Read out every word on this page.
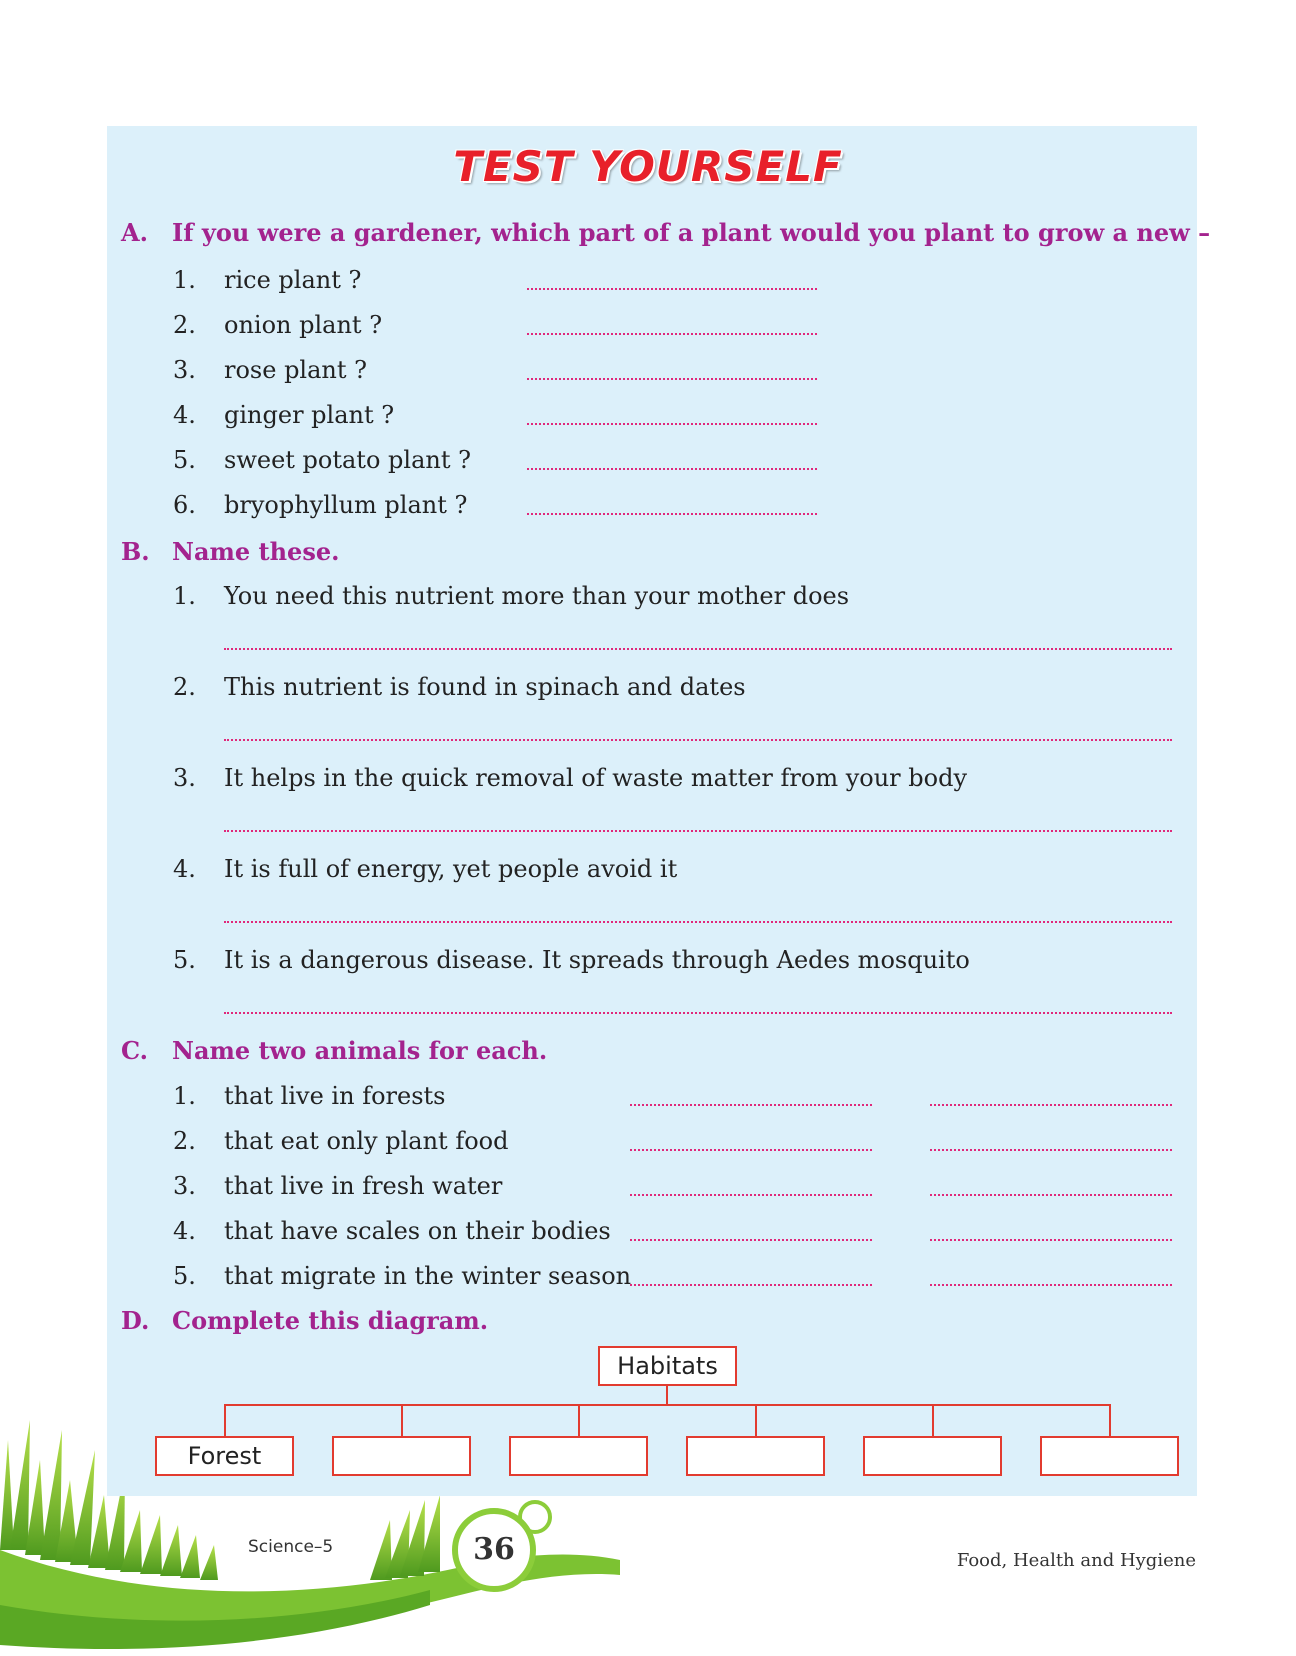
TEST YOURSELF
A. If you were a gardener, which part of a plant would you plant to grow a new –
1. rice plant ?
2. onion plant ?
3. rose plant ?
4. ginger plant ?
5. sweet potato plant ?
6. bryophyllum plant ?
B. Name these.
1. You need this nutrient more than your mother does
2. This nutrient is found in spinach and dates
3. It helps in the quick removal of waste matter from your body
4. It is full of energy, yet people avoid it
5. It is a dangerous disease. It spreads through Aedes mosquito
C. Name two animals for each.
1. that live in forests
2. that eat only plant food
3. that live in fresh water
4. that have scales on their bodies
5. that migrate in the winter season
D. Complete this diagram.
Habitats
Forest
Science–5	36	Food, Health and Hygiene
